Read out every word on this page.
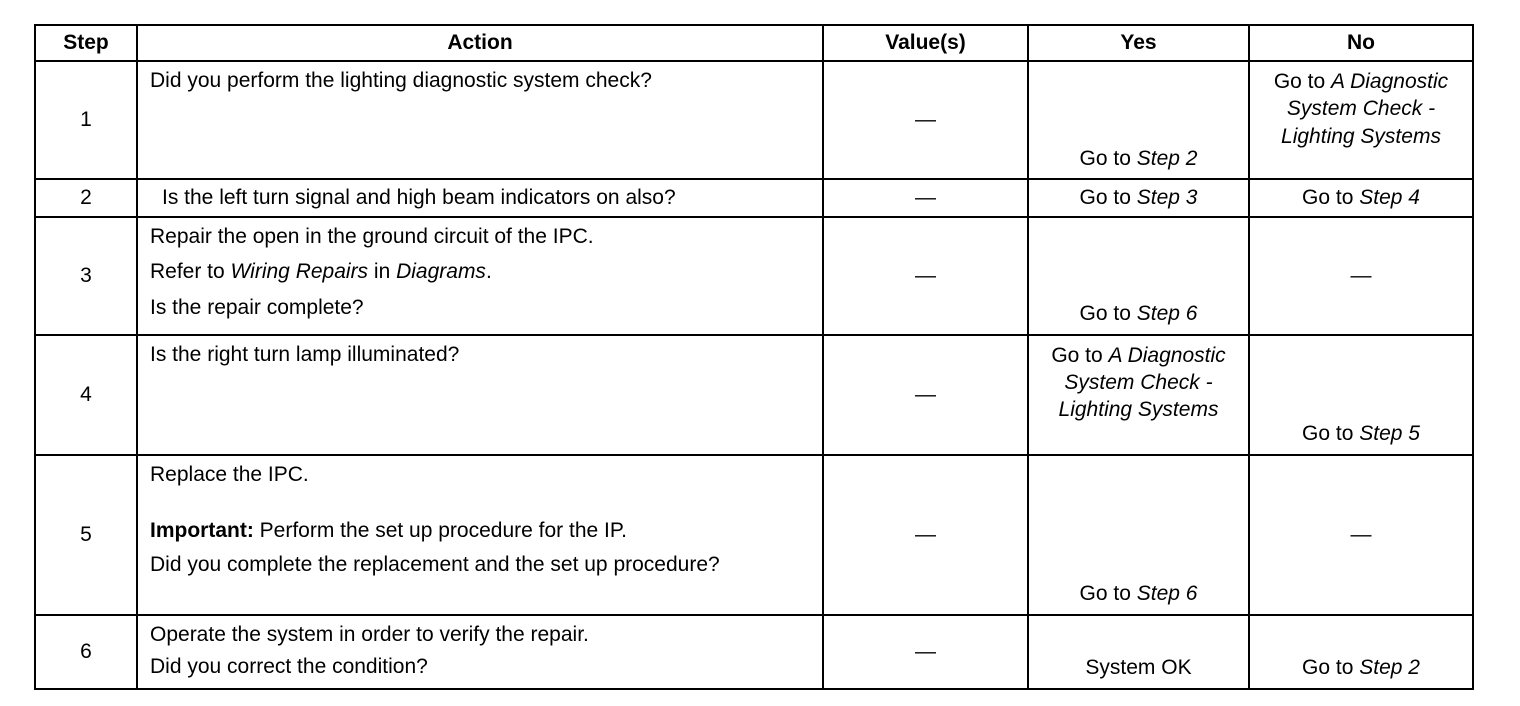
Step	Action	Value(s)	Yes	No
1	Did you perform the lighting diagnostic system check?	—	Go to Step 2	Go to A Diagnostic System Check - Lighting Systems
2	Is the left turn signal and high beam indicators on also?	—	Go to Step 3	Go to Step 4
3	Repair the open in the ground circuit of the IPC.
Refer to Wiring Repairs in Diagrams.
Is the repair complete?	—	Go to Step 6	—
4	Is the right turn lamp illuminated?	—	Go to A Diagnostic System Check - Lighting Systems	Go to Step 5
5	Replace the IPC.
Important: Perform the set up procedure for the IP.
Did you complete the replacement and the set up procedure?	—	Go to Step 6	—
6	Operate the system in order to verify the repair.
Did you correct the condition?	—	System OK	Go to Step 2
